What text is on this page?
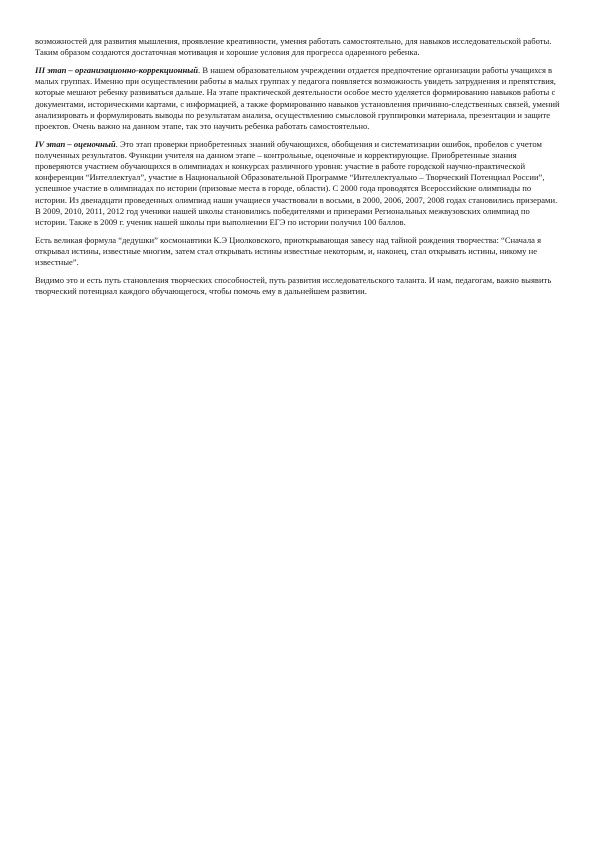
возможностей для развития мышления, проявление креативности, умения работать самостоятельно, для навыков исследовательской работы. Таким образом создаются достаточная мотивация и хорошие условия для прогресса одаренного ребенка.

III этап – организационно-коррекционный. В нашем образовательном учреждении отдается предпочтение организации работы учащихся в малых группах. Именно при осуществлении работы в малых группах у педагога появляется возможность увидеть затруднения и препятствия, которые мешают ребенку развиваться дальше. На этапе практической деятельности особое место уделяется формированию навыков работы с документами, историческими картами, с информацией, а также формированию навыков установления причинно-следственных связей, умений анализировать и формулировать выводы по результатам анализа, осуществлению смысловой группировки материала, презентации и защите проектов. Очень важно на данном этапе, так это научить ребенка работать самостоятельно.

IV этап – оценочный. Это этап проверки приобретенных знаний обучающихся, обобщения и систематизации ошибок, пробелов с учетом полученных результатов. Функции учителя на данном этапе – контрольные, оценочные и корректирующие. Приобретенные знания проверяются участием обучающихся в олимпиадах и конкурсах различного уровня: участие в работе городской научно-практической конференции “Интеллектуал”, участие в Национальной Образовательной Программе “Интеллектуально – Творческий Потенциал России”, успешное участие в олимпиадах по истории (призовые места в городе, области). С 2000 года проводятся Всероссийские олимпиады по истории. Из двенадцати проведенных олимпиад наши учащиеся участвовали в восьми, в 2000, 2006, 2007, 2008 годах становились призерами. В 2009, 2010, 2011, 2012 год ученики нашей школы становились победителями и призерами Региональных межвузовских олимпиад по истории. Также в 2009 г. ученик нашей школы при выполнении ЕГЭ по истории получил 100 баллов.

Есть великая формула “дедушки” космонавтики К.Э Циолковского, приоткрывающая завесу над тайной рождения творчества: “Сначала я открывал истины, известные многим, затем стал открывать истины известные некоторым, и, наконец, стал открывать истины, никому не известные”.

Видимо это и есть путь становления творческих способностей, путь развития исследовательского таланта. И нам, педагогам, важно выявить творческий потенциал каждого обучающегося, чтобы помочь ему в дальнейшем развитии.
